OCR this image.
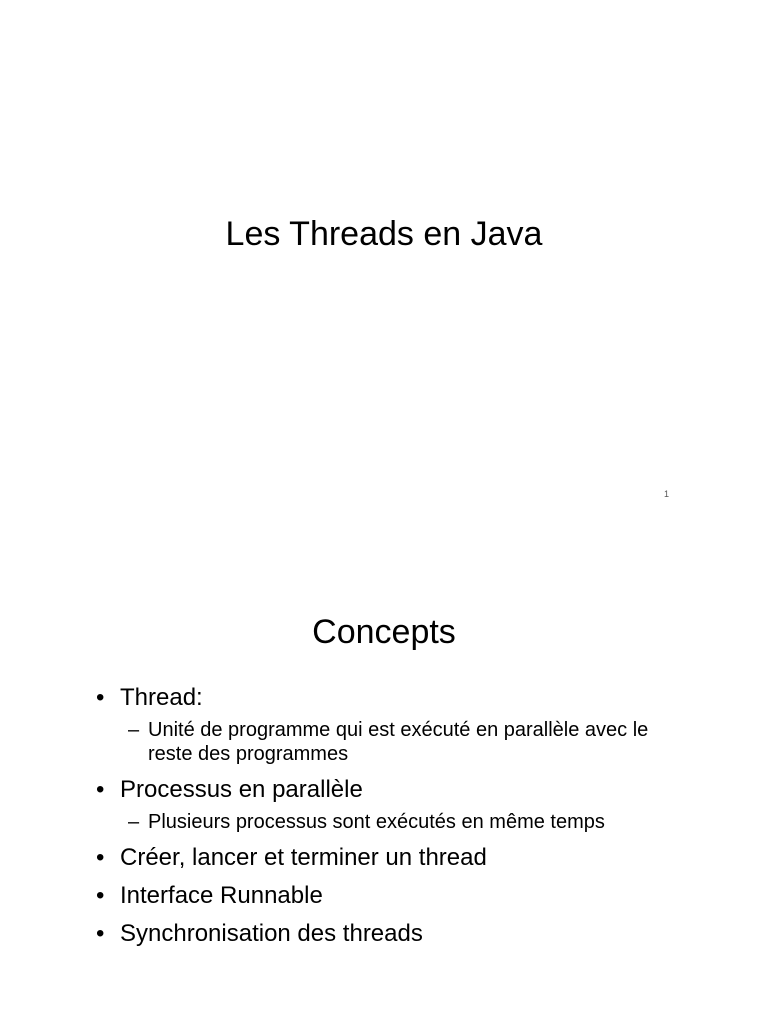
Les Threads en Java
1
Concepts
• Thread:
– Unité de programme qui est exécuté en parallèle avec le reste des programmes
• Processus en parallèle
– Plusieurs processus sont exécutés en même temps
• Créer, lancer et terminer un thread
• Interface Runnable
• Synchronisation des threads
